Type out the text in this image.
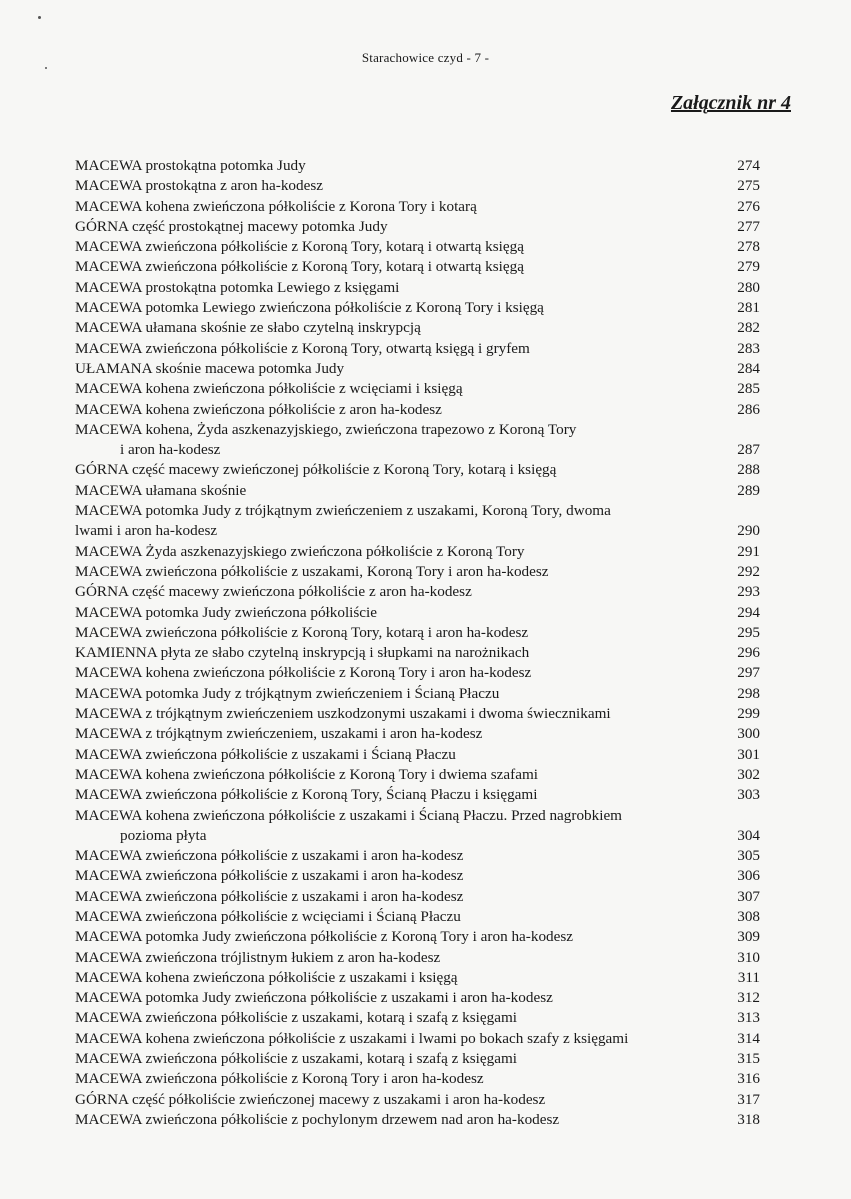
Starachowice czyd - 7 -
Załącznik nr 4
MACEWA prostokątna potomka Judy	274
MACEWA prostokątna z aron ha-kodesz	275
MACEWA kohena zwieńczona półkoliście z Korona Tory i kotarą	276
GÓRNA część prostokątnej macewy potomka Judy	277
MACEWA zwieńczona półkoliście z Koroną Tory, kotarą i otwartą księgą	278
MACEWA zwieńczona półkoliście z Koroną Tory, kotarą i otwartą księgą	279
MACEWA prostokątna potomka Lewiego z księgami	280
MACEWA potomka Lewiego zwieńczona półkoliście z Koroną Tory i księgą	281
MACEWA ułamana skośnie ze słabo czytelną inskrypcją	282
MACEWA zwieńczona półkoliście z Koroną Tory, otwartą księgą i gryfem	283
UŁAMANA skośnie macewa potomka Judy	284
MACEWA kohena zwieńczona półkoliście z wcięciami i księgą	285
MACEWA kohena zwieńczona półkoliście z aron ha-kodesz	286
MACEWA kohena, Żyda aszkenazyjskiego, zwieńczona trapezowo z Koroną Tory
i aron ha-kodesz	287
GÓRNA część macewy zwieńczonej półkoliście z Koroną Tory, kotarą i księgą	288
MACEWA ułamana skośnie	289
MACEWA potomka Judy z trójkątnym zwieńczeniem z uszakami, Koroną Tory, dwoma
lwami i aron ha-kodesz	290
MACEWA Żyda aszkenazyjskiego zwieńczona półkoliście z Koroną Tory	291
MACEWA zwieńczona półkoliście z uszakami, Koroną Tory i aron ha-kodesz	292
GÓRNA część macewy zwieńczona półkoliście z aron ha-kodesz	293
MACEWA potomka Judy zwieńczona półkoliście	294
MACEWA zwieńczona półkoliście z Koroną Tory, kotarą i aron ha-kodesz	295
KAMIENNA płyta ze słabo czytelną inskrypcją i słupkami na narożnikach	296
MACEWA kohena zwieńczona półkoliście z Koroną Tory i aron ha-kodesz	297
MACEWA potomka Judy z trójkątnym zwieńczeniem i Ścianą Płaczu	298
MACEWA z trójkątnym zwieńczeniem uszkodzonymi uszakami i dwoma świecznikami	299
MACEWA z trójkątnym zwieńczeniem, uszakami i aron ha-kodesz	300
MACEWA zwieńczona półkoliście z uszakami i Ścianą Płaczu	301
MACEWA kohena zwieńczona półkoliście z Koroną Tory i dwiema szafami	302
MACEWA zwieńczona półkoliście z Koroną Tory, Ścianą Płaczu i księgami	303
MACEWA kohena zwieńczona półkoliście z uszakami i Ścianą Płaczu. Przed nagrobkiem
pozioma płyta	304
MACEWA zwieńczona półkoliście z uszakami i aron ha-kodesz	305
MACEWA zwieńczona półkoliście z uszakami i aron ha-kodesz	306
MACEWA zwieńczona półkoliście z uszakami i aron ha-kodesz	307
MACEWA zwieńczona półkoliście z wcięciami i Ścianą Płaczu	308
MACEWA potomka Judy zwieńczona półkoliście z Koroną Tory i aron ha-kodesz	309
MACEWA zwieńczona trójlistnym łukiem z aron ha-kodesz	310
MACEWA kohena zwieńczona półkoliście z uszakami i księgą	311
MACEWA potomka Judy zwieńczona półkoliście z uszakami i aron ha-kodesz	312
MACEWA zwieńczona półkoliście z uszakami, kotarą i szafą z księgami	313
MACEWA kohena zwieńczona półkoliście z uszakami i lwami po bokach szafy z księgami	314
MACEWA zwieńczona półkoliście z uszakami, kotarą i szafą z księgami	315
MACEWA zwieńczona półkoliście z Koroną Tory i aron ha-kodesz	316
GÓRNA część półkoliście zwieńczonej macewy z uszakami i aron ha-kodesz	317
MACEWA zwieńczona półkoliście z pochylonym drzewem nad aron ha-kodesz	318
